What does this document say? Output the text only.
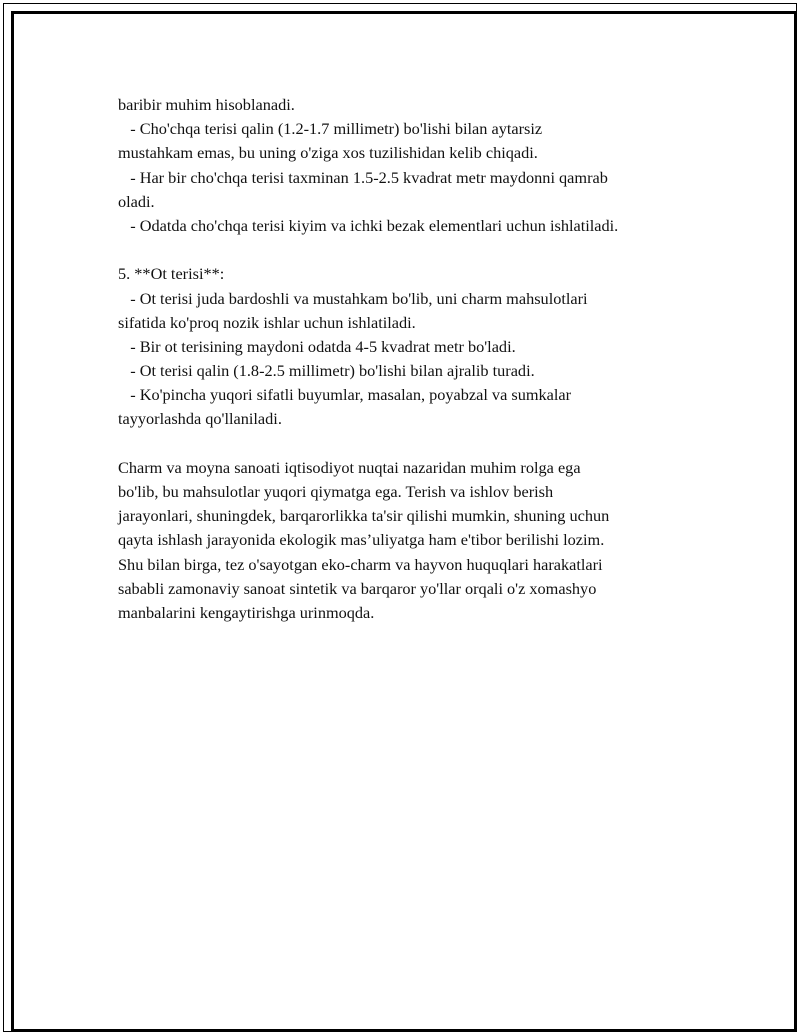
baribir muhim hisoblanadi.
- Cho'chqa terisi qalin (1.2-1.7 millimetr) bo'lishi bilan aytarsiz
mustahkam emas, bu uning o'ziga xos tuzilishidan kelib chiqadi.
- Har bir cho'chqa terisi taxminan 1.5-2.5 kvadrat metr maydonni qamrab
oladi.
- Odatda cho'chqa terisi kiyim va ichki bezak elementlari uchun ishlatiladi.
5. **Ot terisi**:
- Ot terisi juda bardoshli va mustahkam bo'lib, uni charm mahsulotlari
sifatida ko'proq nozik ishlar uchun ishlatiladi.
- Bir ot terisining maydoni odatda 4-5 kvadrat metr bo'ladi.
- Ot terisi qalin (1.8-2.5 millimetr) bo'lishi bilan ajralib turadi.
- Ko'pincha yuqori sifatli buyumlar, masalan, poyabzal va sumkalar
tayyorlashda qo'llaniladi.
Charm va moyna sanoati iqtisodiyot nuqtai nazaridan muhim rolga ega
bo'lib, bu mahsulotlar yuqori qiymatga ega. Terish va ishlov berish
jarayonlari, shuningdek, barqarorlikka ta'sir qilishi mumkin, shuning uchun
qayta ishlash jarayonida ekologik mas’uliyatga ham e'tibor berilishi lozim.
Shu bilan birga, tez o'sayotgan eko-charm va hayvon huquqlari harakatlari
sababli zamonaviy sanoat sintetik va barqaror yo'llar orqali o'z xomashyo
manbalarini kengaytirishga urinmoqda.
